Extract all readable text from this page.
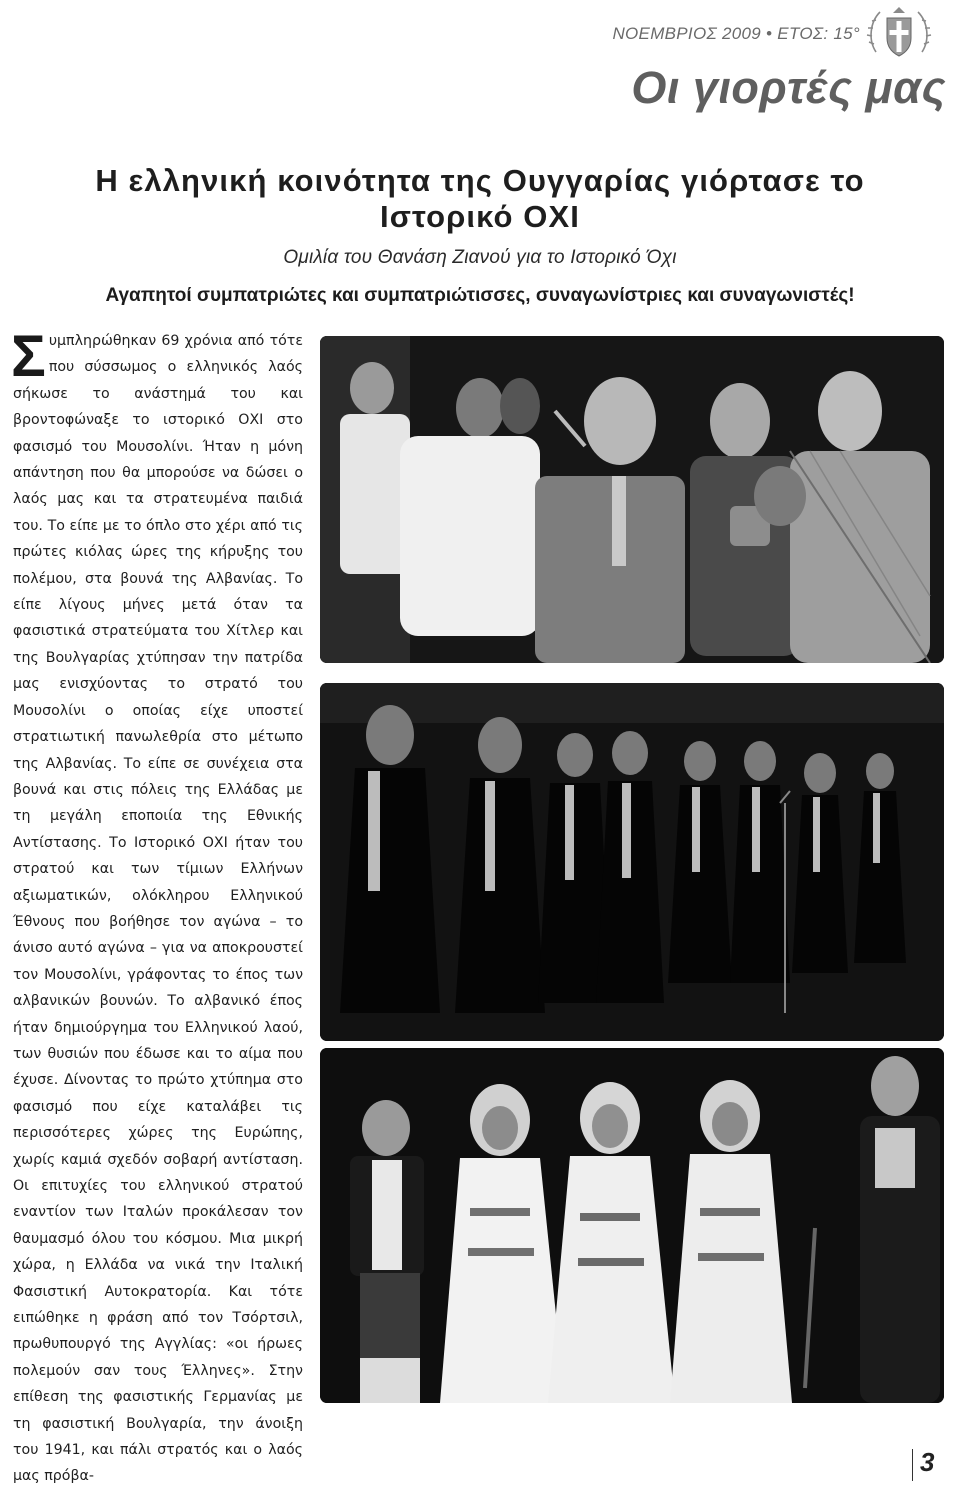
ΝΟΕΜΒΡΙΟΣ 2009 • ΕΤΟΣ: 15°
Οι γιορτές μας
Η ελληνική κοινότητα της Ουγγαρίας γιόρτασε το Ιστορικό ΟΧΙ
Ομιλία του Θανάση Ζιανού για το Ιστορικό Όχι
Αγαπητοί συμπατριώτες και συμπατριώτισσες, συναγωνίστριες και συναγωνιστές!

Συμπληρώθηκαν 69 χρόνια από τότε που σύσσωμος ο ελληνικός λαός σήκωσε το ανάστημά του και βροντοφώναξε το ιστορικό ΟΧΙ στο φασισμό του Μουσολίνι. Ήταν η μόνη απάντηση που θα μπορούσε να δώσει ο λαός μας και τα στρατευμένα παιδιά του. Το είπε με το όπλο στο χέρι από τις πρώτες κιόλας ώρες της κήρυξης του πολέμου, στα βουνά της Αλβανίας. Το είπε λίγους μήνες μετά όταν τα φασιστικά στρατεύματα του Χίτλερ και της Βουλγαρίας χτύπησαν την πατρίδα μας ενισχύοντας το στρατό του Μουσολίνι ο οποίας είχε υποστεί στρατιωτική πανωλεθρία στο μέτωπο της Αλβανίας. Το είπε σε συνέχεια στα βουνά και στις πόλεις της Ελλάδας με τη μεγάλη εποποιία της Εθνικής Αντίστασης. Το Ιστορικό ΟΧΙ ήταν του στρατού και των τίμιων Ελλήνων αξιωματικών, ολόκληρου Ελληνικού Έθνους που βοήθησε τον αγώνα – το άνισο αυτό αγώνα – για να αποκρουστεί τον Μουσολίνι, γράφοντας το έπος των αλβανικών βουνών. Το αλβανικό έπος ήταν δημιούργημα του Ελληνικού λαού, των θυσιών που έδωσε και το αίμα που έχυσε. Δίνοντας το πρώτο χτύπημα στο φασισμό που είχε καταλάβει τις περισσότερες χώρες της Ευρώπης, χωρίς καμιά σχεδόν σοβαρή αντίσταση. Οι επιτυχίες του ελληνικού στρατού εναντίον των Ιταλών προκάλεσαν τον θαυμασμό όλου του κόσμου. Μια μικρή χώρα, η Ελλάδα να νικά την Ιταλική Φασιστική Αυτοκρατορία. Και τότε ειπώθηκε η φράση από τον Τσόρτσιλ, πρωθυπουργό της Αγγλίας: «οι ήρωες πολεμούν σαν τους Έλληνες». Στην επίθεση της φασιστικής Γερμανίας με τη φασιστική Βουλγαρία, την άνοιξη του 1941, και πάλι στρατός και ο λαός μας πρόβα-	3
